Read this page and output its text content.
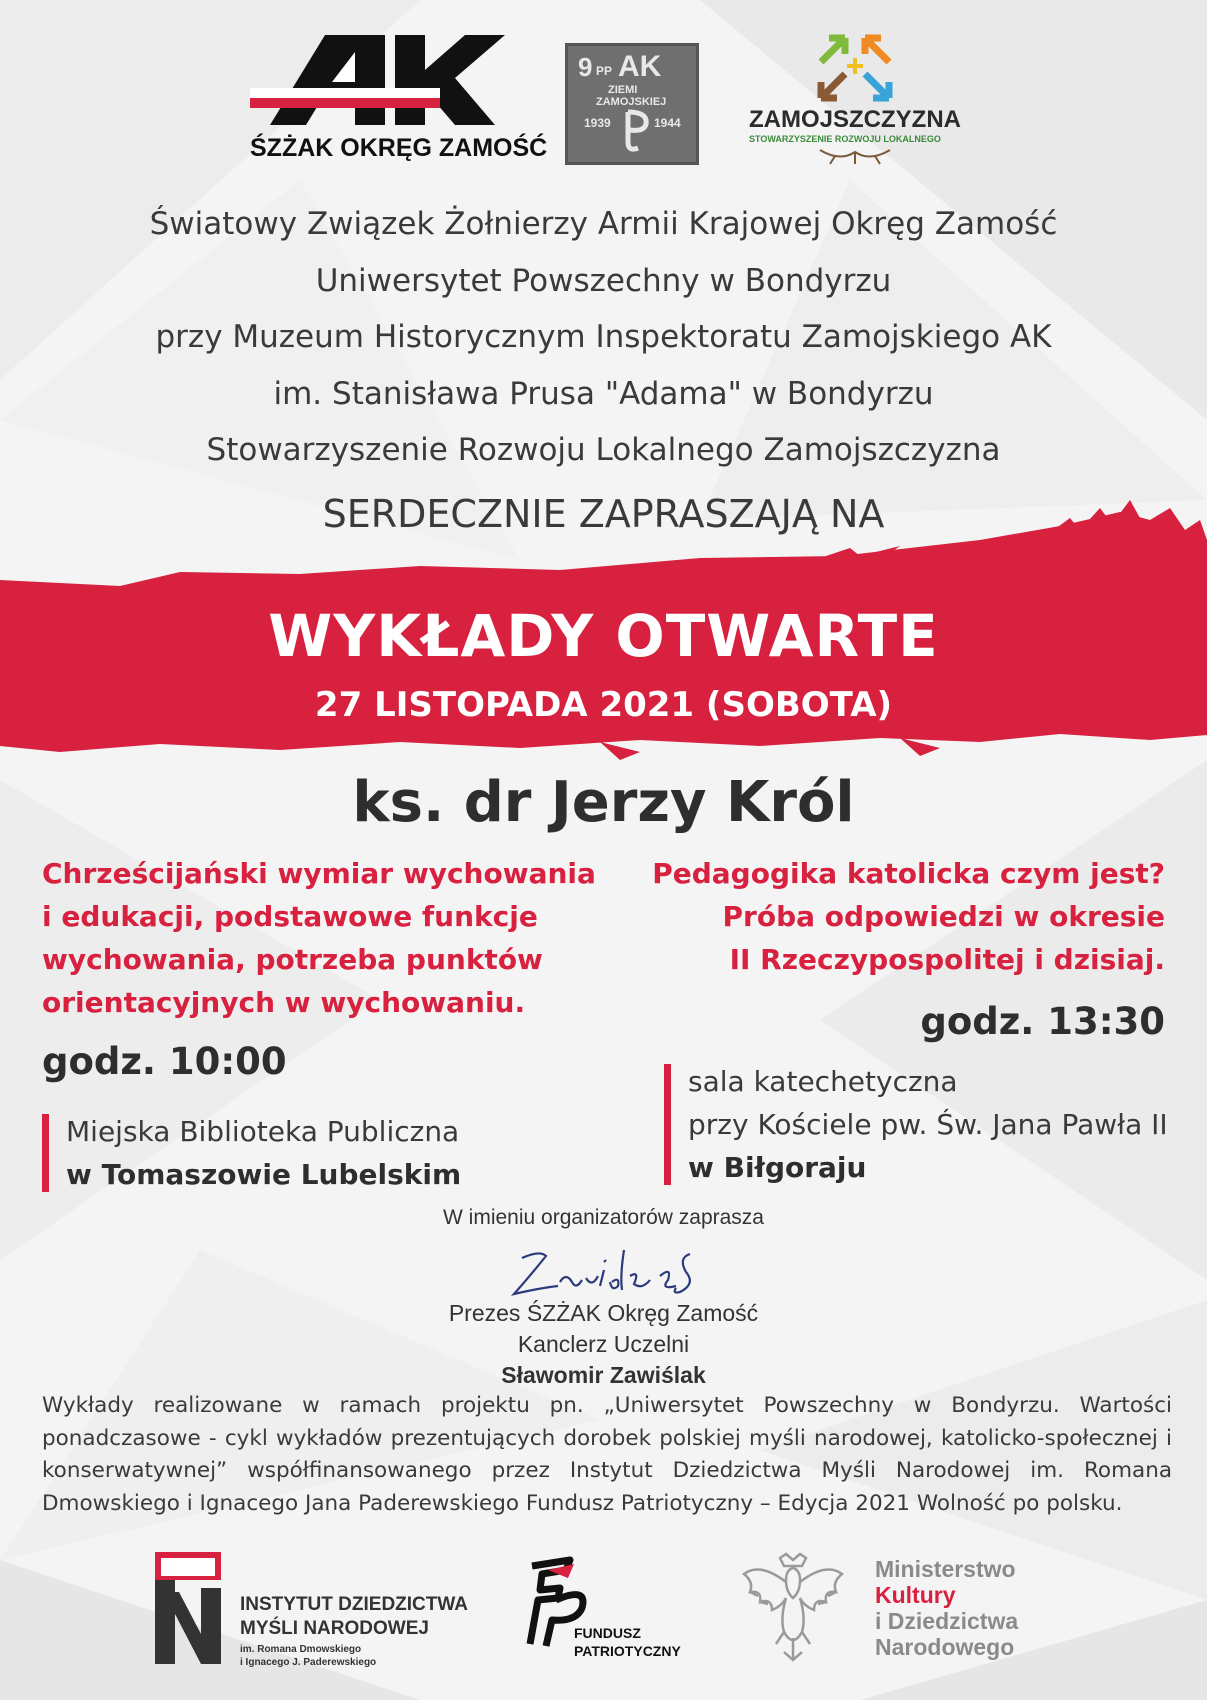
ŚZŻAK OKRĘG ZAMOŚĆ
9 PP AK
ZIEMI
ZAMOJSKIEJ
1939	1944	ZAMOJSZCZYZNA
STOWARZYSZENIE ROZWOJU LOKALNEGO
Światowy Związek Żołnierzy Armii Krajowej Okręg Zamość
Uniwersytet Powszechny w Bondyrzu
przy Muzeum Historycznym Inspektoratu Zamojskiego AK
im. Stanisława Prusa "Adama" w Bondyrzu
Stowarzyszenie Rozwoju Lokalnego Zamojszczyzna
SERDECZNIE ZAPRASZAJĄ NA
WYKŁADY OTWARTE
27 LISTOPADA 2021 (SOBOTA)
ks. dr Jerzy Król
Chrześcijański wymiar wychowania
i edukacji, podstawowe funkcje
wychowania, potrzeba punktów
orientacyjnych w wychowaniu.
Pedagogika katolicka czym jest?
Próba odpowiedzi w okresie
II Rzeczypospolitej i dzisiaj.
godz. 10:00
godz. 13:30
Miejska Biblioteka Publiczna
w Tomaszowie Lubelskim
sala katechetyczna
przy Kościele pw. Św. Jana Pawła II
w Biłgoraju
W imieniu organizatorów zaprasza
Prezes ŚZŻAK Okręg Zamość
Kanclerz Uczelni
Sławomir Zawiślak
Wykłady realizowane w ramach projektu pn. „Uniwersytet Powszechny w Bondyrzu. Wartości ponadczasowe - cykl wykładów prezentujących dorobek polskiej myśli narodowej, katolicko-społecznej i konserwatywnej” współfinansowanego przez Instytut Dziedzictwa Myśli Narodowej im. Romana Dmowskiego i Ignacego Jana Paderewskiego Fundusz Patriotyczny – Edycja 2021 Wolność po polsku.
INSTYTUT DZIEDZICTWA
MYŚLI NARODOWEJ
im. Romana Dmowskiego
i Ignacego J. Paderewskiego
FUNDUSZ
PATRIOTYCZNY
Ministerstwo
Kultury
i Dziedzictwa
Narodowego
